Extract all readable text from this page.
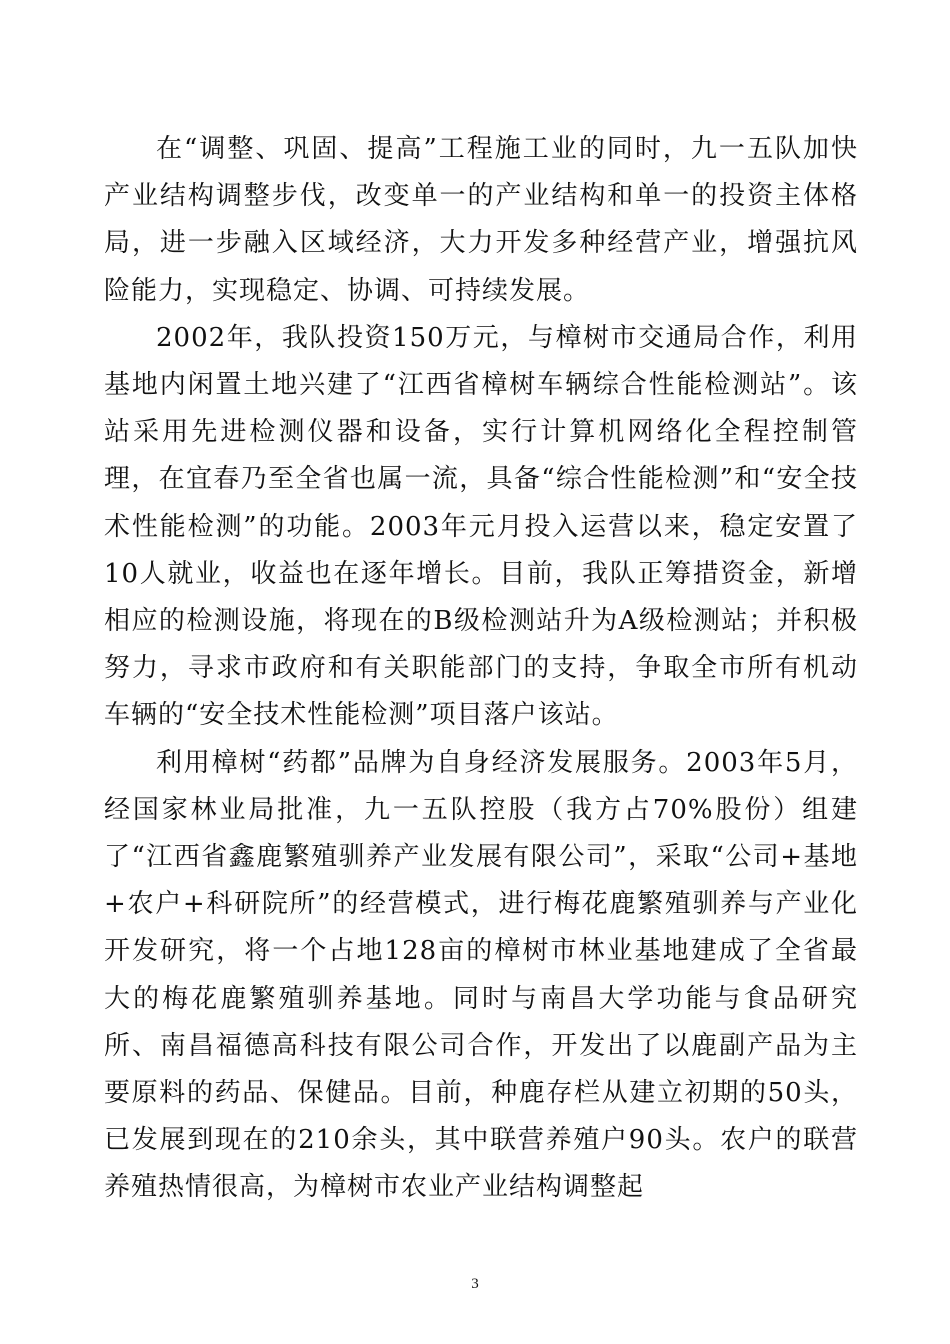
在“调整、巩固、提高”工程施工业的同时，九一五队加快产业结构调整步伐，改变单一的产业结构和单一的投资主体格局，进一步融入区域经济，大力开发多种经营产业，增强抗风险能力，实现稳定、协调、可持续发展。

2002年，我队投资150万元，与樟树市交通局合作，利用基地内闲置土地兴建了“江西省樟树车辆综合性能检测站”。该站采用先进检测仪器和设备，实行计算机网络化全程控制管理，在宜春乃至全省也属一流，具备“综合性能检测”和“安全技术性能检测”的功能。2003年元月投入运营以来，稳定安置了10人就业，收益也在逐年增长。目前，我队正筹措资金，新增相应的检测设施，将现在的B级检测站升为A级检测站；并积极努力，寻求市政府和有关职能部门的支持，争取全市所有机动车辆的“安全技术性能检测”项目落户该站。

利用樟树“药都”品牌为自身经济发展服务。2003年5月，经国家林业局批准，九一五队控股（我方占70%股份）组建了“江西省鑫鹿繁殖驯养产业发展有限公司”，采取“公司+基地+农户+科研院所”的经营模式，进行梅花鹿繁殖驯养与产业化开发研究，将一个占地128亩的樟树市林业基地建成了全省最大的梅花鹿繁殖驯养基地。同时与南昌大学功能与食品研究所、南昌福德高科技有限公司合作，开发出了以鹿副产品为主要原料的药品、保健品。目前，种鹿存栏从建立初期的50头，已发展到现在的210余头，其中联营养殖户90头。农户的联营养殖热情很高，为樟树市农业产业结构调整起

3
